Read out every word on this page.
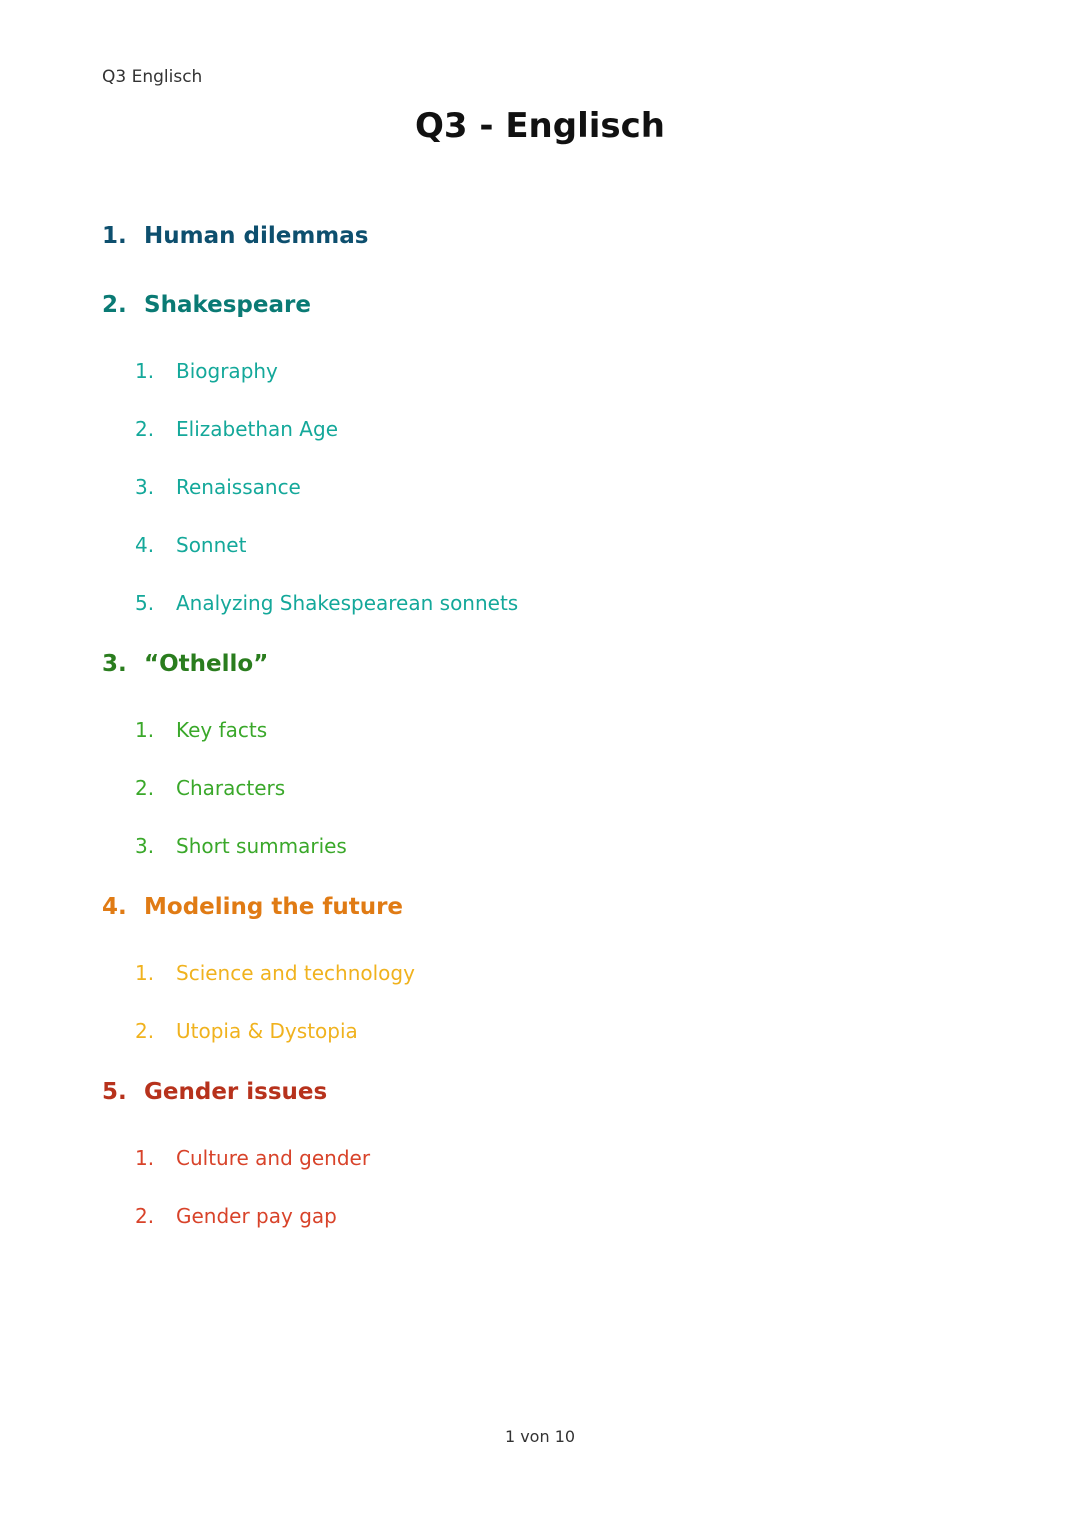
Q3 Englisch
Q3 - Englisch
1. Human dilemmas
2. Shakespeare
1. Biography
2. Elizabethan Age
3. Renaissance
4. Sonnet
5. Analyzing Shakespearean sonnets
3. “Othello”
1. Key facts
2. Characters
3. Short summaries
4. Modeling the future
1. Science and technology
2. Utopia & Dystopia
5. Gender issues
1. Culture and gender
2. Gender pay gap
1 von 10
